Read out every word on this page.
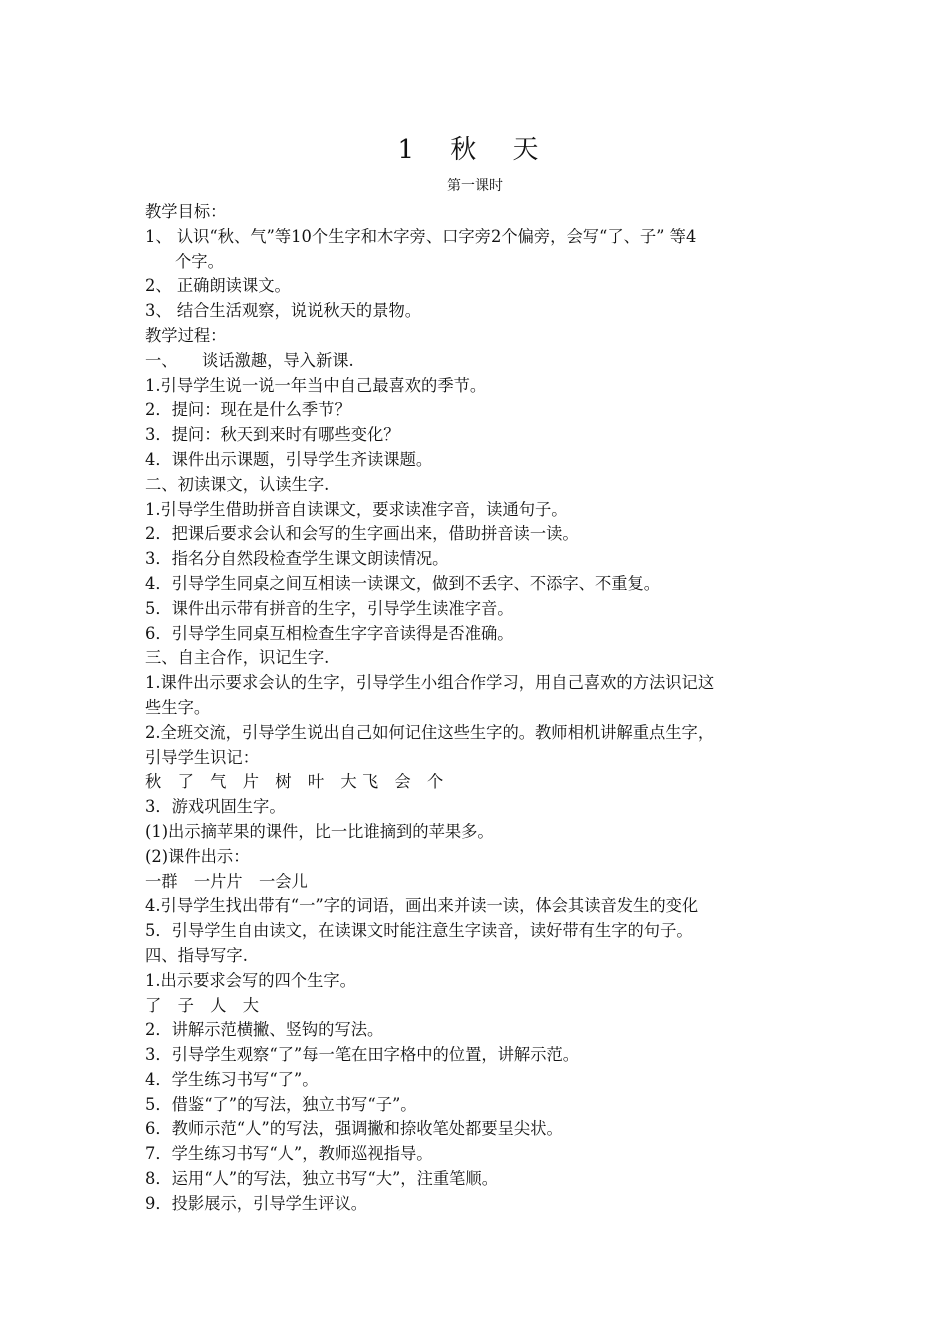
1 秋 天
第一课时
教学目标：
1、 认识“秋、气”等10个生字和木字旁、口字旁2个偏旁，会写“了、子” 等4
个字。
2、 正确朗读课文。
3、 结合生活观察，说说秋天的景物。
教学过程：
一、　　谈话激趣，导入新课.
1.引导学生说一说一年当中自己最喜欢的季节。
2．提问：现在是什么季节？
3．提问：秋天到来时有哪些变化？
4．课件出示课题，引导学生齐读课题。
二、初读课文，认读生字.
1.引导学生借助拼音自读课文，要求读准字音，读通句子。
2．把课后要求会认和会写的生字画出来，借助拼音读一读。
3．指名分自然段检查学生课文朗读情况。
4．引导学生同桌之间互相读一读课文，做到不丢字、不添字、不重复。
5．课件出示带有拼音的生字，引导学生读准字音。
6．引导学生同桌互相检查生字字音读得是否准确。
三、自主合作，识记生字.
1.课件出示要求会认的生字，引导学生小组合作学习，用自己喜欢的方法识记这
些生字。
2.全班交流，引导学生说出自己如何记住这些生字的。教师相机讲解重点生字，
引导学生识记：
秋　了　气　片　树　叶　大 飞　会　个
3．游戏巩固生字。
(1)出示摘苹果的课件，比一比谁摘到的苹果多。
(2)课件出示：
一群　一片片　一会儿
4.引导学生找出带有“一”字的词语，画出来并读一读，体会其读音发生的变化
5．引导学生自由读文，在读课文时能注意生字读音，读好带有生字的句子。
四、指导写字.
1.出示要求会写的四个生字。
了　子　人　大
2．讲解示范横撇、竖钩的写法。
3．引导学生观察“了”每一笔在田字格中的位置，讲解示范。
4．学生练习书写“了”。
5．借鉴“了”的写法，独立书写“子”。
6．教师示范“人”的写法，强调撇和捺收笔处都要呈尖状。
7．学生练习书写“人”，教师巡视指导。
8．运用“人”的写法，独立书写“大”，注重笔顺。
9．投影展示，引导学生评议。
